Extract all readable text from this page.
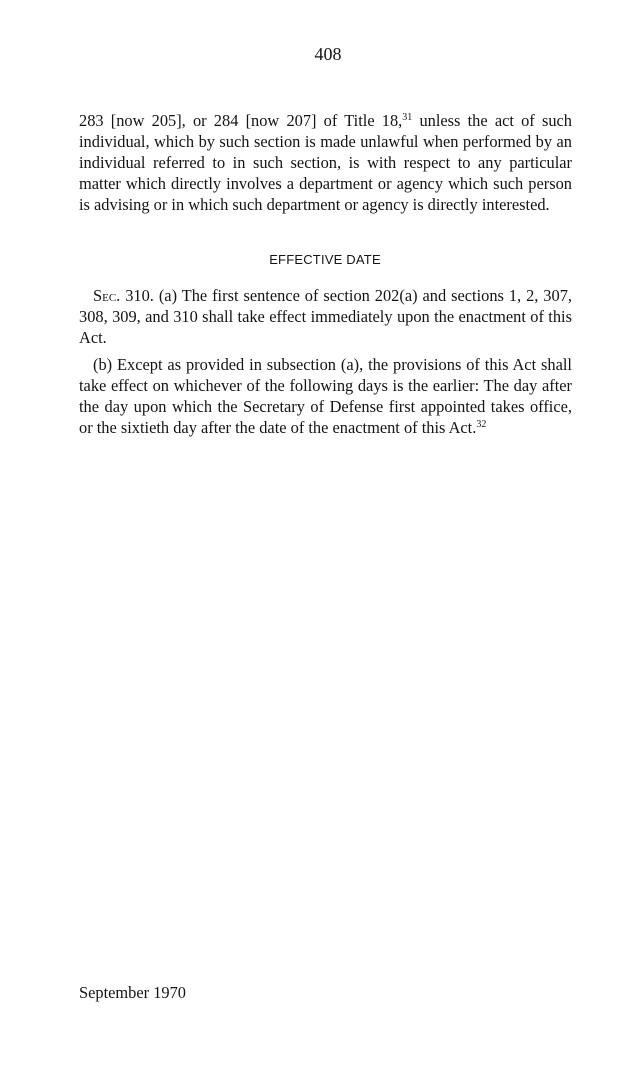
408
283 [now 205], or 284 [now 207] of Title 18,31 unless the act of such individual, which by such section is made unlawful when performed by an individual referred to in such section, is with respect to any particular matter which directly involves a department or agency which such person is advising or in which such department or agency is directly interested.
EFFECTIVE DATE
Sec. 310. (a) The first sentence of section 202(a) and sections 1, 2, 307, 308, 309, and 310 shall take effect immediately upon the enactment of this Act.
(b) Except as provided in subsection (a), the provisions of this Act shall take effect on whichever of the following days is the earlier: The day after the day upon which the Secretary of Defense first appointed takes office, or the sixtieth day after the date of the enactment of this Act.$^{32}$
September 1970
